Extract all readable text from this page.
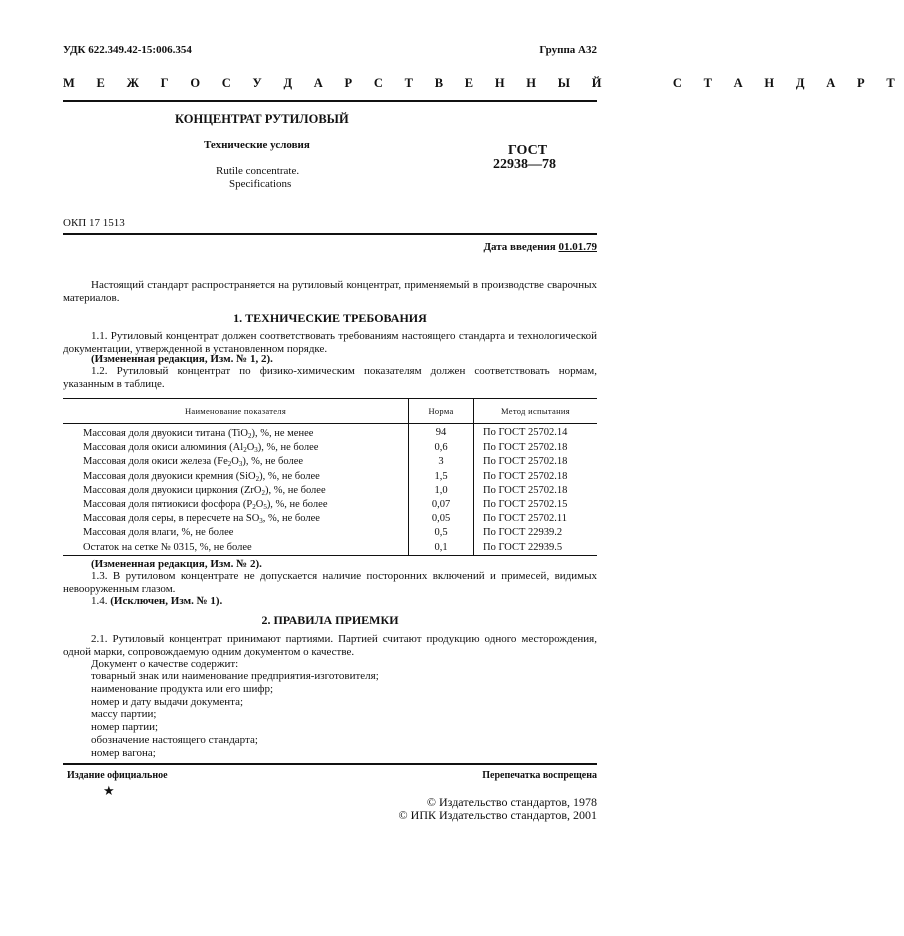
УДК 622.349.42-15:006.354	Группа А32
М Е Ж Г О С У Д А Р С Т В Е Н Н Ы Й     С Т А Н Д А Р Т
КОНЦЕНТРАТ РУТИЛОВЫЙ
Технические условия
Rutile concentrate.
Specifications
ГОСТ
22938—78
ОКП 17 1513
Дата введения 01.01.79
Настоящий стандарт распространяется на рутиловый концентрат, применяемый в производстве сварочных материалов.
1. ТЕХНИЧЕСКИЕ ТРЕБОВАНИЯ
1.1. Рутиловый концентрат должен соответствовать требованиям настоящего стандарта и технологической документации, утвержденной в установленном порядке.
(Измененная редакция, Изм. № 1, 2).
1.2. Рутиловый концентрат по физико-химическим показателям должен соответствовать нормам, указанным в таблице.
Наименование показателя	Норма	Метод испытания
Массовая доля двуокиси титана (TiO$_2$), %, не менее	94	По ГОСТ 25702.14
Массовая доля окиси алюминия $(Al_2O_3)$, %, не более	0,6	По ГОСТ 25702.18
Массовая доля окиси железа $(Fe_2O_3)$, %, не более	3	По ГОСТ 25702.18
Массовая доля двуокиси кремния (SiO$_2$), %, не более	1,5	По ГОСТ 25702.18
Массовая доля двуокиси циркония (ZrO$_2$), %, не более	1,0	По ГОСТ 25702.18
Массовая доля пятиокиси фосфора $(P_2O_5)$, %, не более	0,07	По ГОСТ 25702.15
Массовая доля серы, в пересчете на $SO_3$, %, не более	0,05	По ГОСТ 25702.11
Массовая доля влаги, %, не более	0,5	По ГОСТ 22939.2
Остаток на сетке № 0315, %, не более	0,1	По ГОСТ 22939.5
(Измененная редакция, Изм. № 2).
1.3. В рутиловом концентрате не допускается наличие посторонних включений и примесей, видимых невооруженным глазом.
1.4. (Исключен, Изм. № 1).
2. ПРАВИЛА ПРИЕМКИ
2.1. Рутиловый концентрат принимают партиями. Партией считают продукцию одного месторождения, одной марки, сопровождаемую одним документом о качестве.
Документ о качестве содержит:
товарный знак или наименование предприятия-изготовителя;
наименование продукта или его шифр;
номер и дату выдачи документа;
массу партии;
номер партии;
обозначение настоящего стандарта;
номер вагона;
Издание официальное	Перепечатка воспрещена
★
© Издательство стандартов, 1978
© ИПК Издательство стандартов, 2001
